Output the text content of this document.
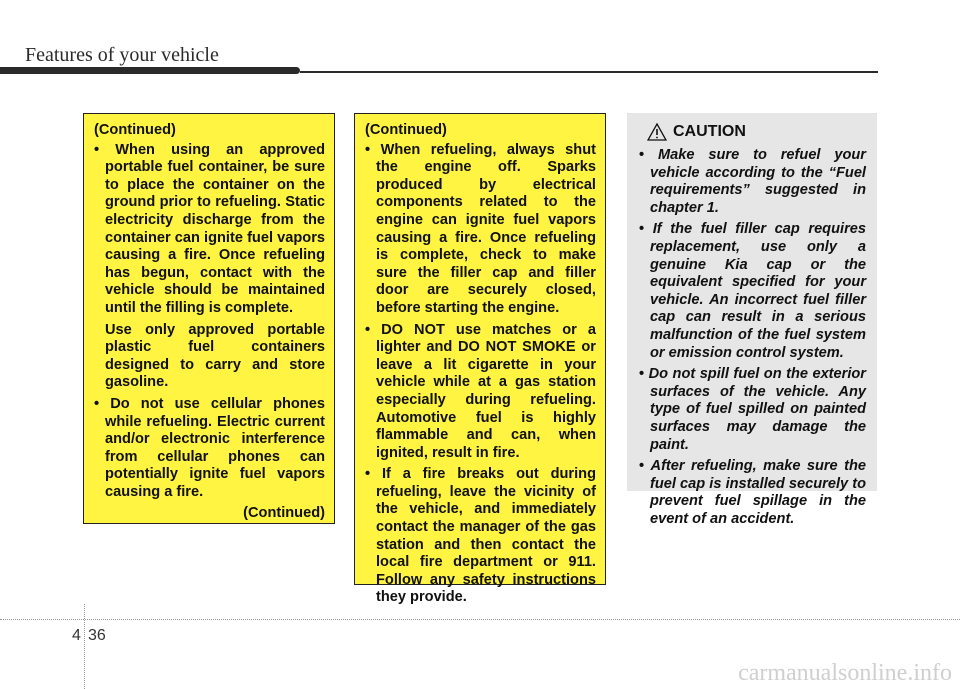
Features of your vehicle
(Continued)
• When using an approved portable fuel container, be sure to place the container on the ground prior to refueling. Static electricity discharge from the container can ignite fuel vapors causing a fire. Once refueling has begun, contact with the vehicle should be maintained until the filling is complete.
Use only approved portable plastic fuel containers designed to carry and store gasoline.
• Do not use cellular phones while refueling. Electric current and/or electronic interference from cellular phones can potentially ignite fuel vapors causing a fire.
(Continued)
(Continued)
• When refueling, always shut the engine off. Sparks produced by electrical components related to the engine can ignite fuel vapors causing a fire. Once refueling is complete, check to make sure the filler cap and filler door are securely closed, before starting the engine.
• DO NOT use matches or a lighter and DO NOT SMOKE or leave a lit cigarette in your vehicle while at a gas station especially during refueling. Automotive fuel is highly flammable and can, when ignited, result in fire.
• If a fire breaks out during refueling, leave the vicinity of the vehicle, and immediately contact the manager of the gas station and then contact the local fire department or 911. Follow any safety instructions they provide.
CAUTION
• Make sure to refuel your vehicle according to the “Fuel requirements” suggested in chapter 1.
• If the fuel filler cap requires replacement, use only a genuine Kia cap or the equivalent specified for your vehicle. An incorrect fuel filler cap can result in a serious malfunction of the fuel system or emission control system.
• Do not spill fuel on the exterior surfaces of the vehicle. Any type of fuel spilled on painted surfaces may damage the paint.
• After refueling, make sure the fuel cap is installed securely to prevent fuel spillage in the event of an accident.
4 36
carmanualsonline.info
